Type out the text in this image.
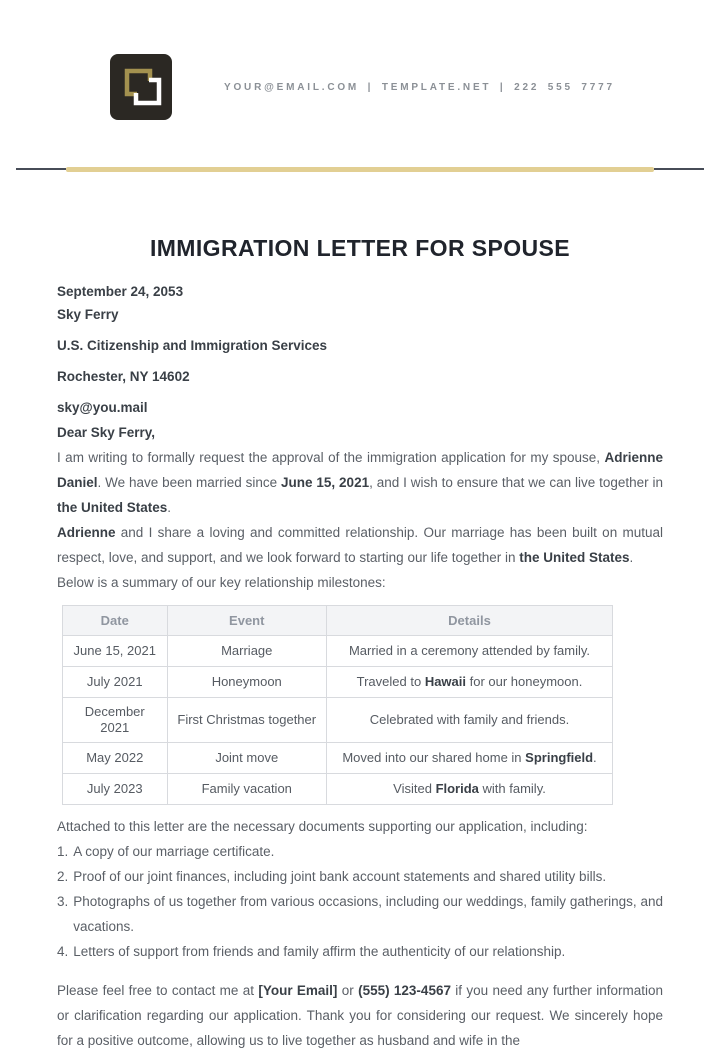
YOUR@EMAIL.COM | TEMPLATE.NET | 222 555 7777
IMMIGRATION LETTER FOR SPOUSE
September 24, 2053
Sky Ferry
U.S. Citizenship and Immigration Services
Rochester, NY 14602
sky@you.mail
Dear Sky Ferry,

I am writing to formally request the approval of the immigration application for my spouse, Adrienne Daniel. We have been married since June 15, 2021, and I wish to ensure that we can live together in the United States.

Adrienne and I share a loving and committed relationship. Our marriage has been built on mutual respect, love, and support, and we look forward to starting our life together in the United States.

Below is a summary of our key relationship milestones:

Date	Event	Details
June 15, 2021	Marriage	Married in a ceremony attended by family.
July 2021	Honeymoon	Traveled to Hawaii for our honeymoon.
December 2021	First Christmas together	Celebrated with family and friends.
May 2022	Joint move	Moved into our shared home in Springfield.
July 2023	Family vacation	Visited Florida with family.

Attached to this letter are the necessary documents supporting our application, including:

1. A copy of our marriage certificate.
2. Proof of our joint finances, including joint bank account statements and shared utility bills.
3. Photographs of us together from various occasions, including our weddings, family gatherings, and vacations.
4. Letters of support from friends and family affirm the authenticity of our relationship.

Please feel free to contact me at [Your Email] or (555) 123-4567 if you need any further information or clarification regarding our application. Thank you for considering our request. We sincerely hope for a positive outcome, allowing us to live together as husband and wife in the
